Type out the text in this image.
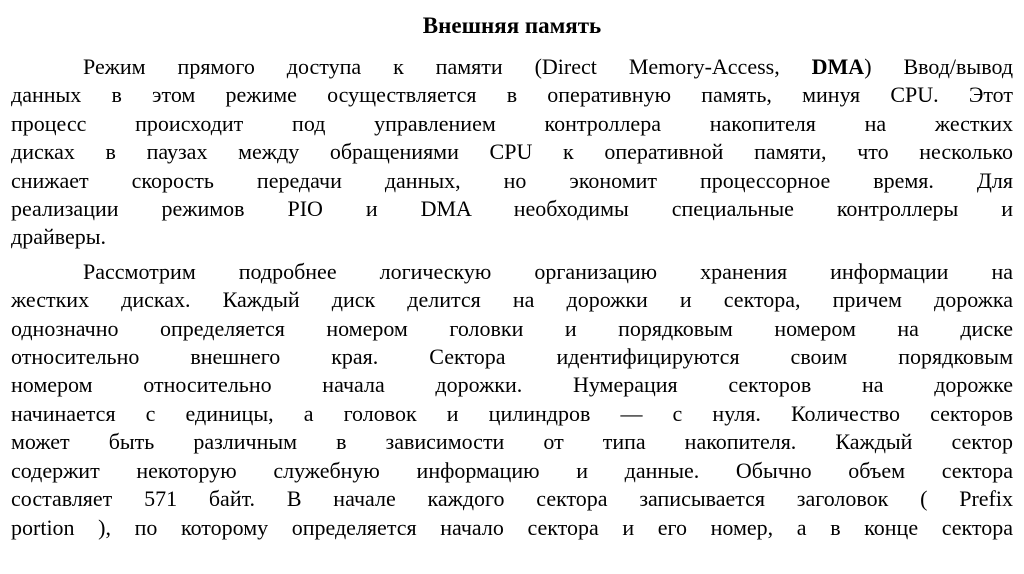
Внешняя память
Режим прямого доступа к памяти (Direct Memory-Access, DMA) Ввод/вывод
данных в этом режиме осуществляется в оперативную память, минуя CPU. Этот
процесс происходит под управлением контроллера накопителя на жестких
дисках в паузах между обращениями CPU к оперативной памяти, что несколько
снижает скорость передачи данных, но экономит процессорное время. Для
реализации режимов PIO и DMA необходимы специальные контроллеры и
драйверы.
Рассмотрим подробнее логическую организацию хранения информации на
жестких дисках. Каждый диск делится на дорожки и сектора, причем дорожка
однозначно определяется номером головки и порядковым номером на диске
относительно внешнего края. Сектора идентифицируются своим порядковым
номером относительно начала дорожки. Нумерация секторов на дорожке
начинается с единицы, а головок и цилиндров — с нуля. Количество секторов
может быть различным в зависимости от типа накопителя. Каждый сектор
содержит некоторую служебную информацию и данные. Обычно объем сектора
составляет 571 байт. В начале каждого сектора записывается заголовок ( Prefix
portion ), по которому определяется начало сектора и его номер, а в конце сектора
